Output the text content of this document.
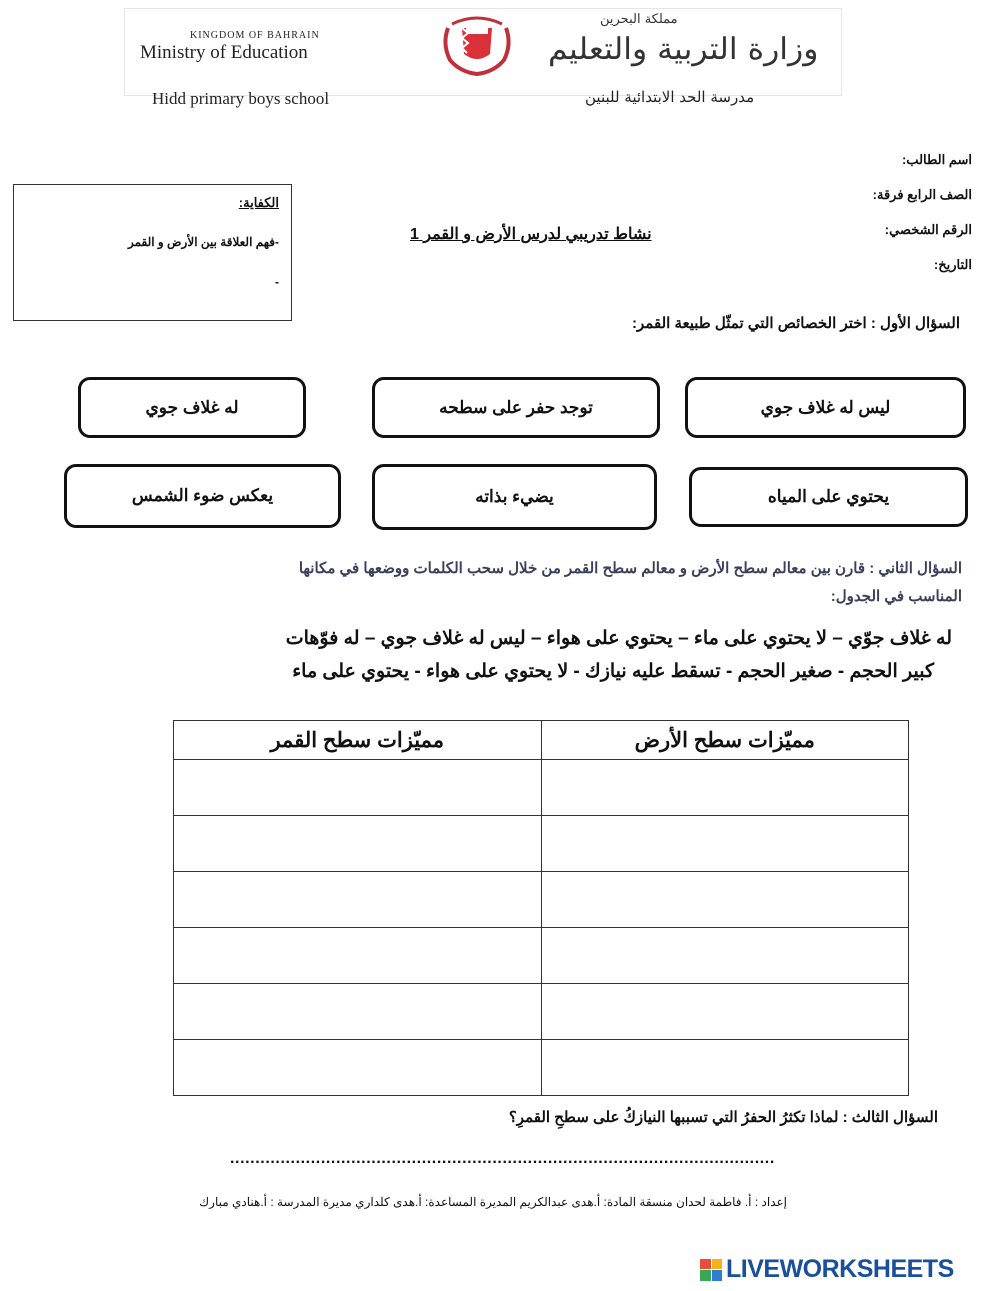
KINGDOM OF BAHRAIN
Ministry of Education
مملكة البحرين
وزارة التربية والتعليم
Hidd primary boys school	مدرسة الحد الابتدائية للبنين
اسم الطالب:
الصف الرابع فرقة:
الرقم الشخصي:
التاريخ:
الكفاية:
-فهم العلاقة بين الأرض و القمر
-
نشاط تدريبي لدرس الأرض و القمر 1
السؤال الأول : اختر الخصائص التي تمثّل طبيعة القمر:
ليس له غلاف جوي
توجد حفر على سطحه
له غلاف جوي
يحتوي على المياه
يضيء بذاته
يعكس ضوء الشمس
السؤال الثاني : قارن بين معالم سطح الأرض و معالم سطح القمر من خلال سحب الكلمات ووضعها في مكانها
المناسب في الجدول:
له غلاف جوّي – لا يحتوي على ماء – يحتوي على هواء – ليس له غلاف جوي – له فوّهات
كبير الحجم - صغير الحجم - تسقط عليه نيازك - لا يحتوي على هواء - يحتوي على ماء
مميّزات سطح الأرض	مميّزات سطح القمر

السؤال الثالث : لماذا تكثرُ الحفرُ التي تسببها النيازكُ على سطحِ القمرِ؟
............................................................................................................
إعداد : أ. فاطمة لحدان منسقة المادة: أ.هدى عبدالكريم المديرة المساعدة: أ.هدى كلداري مديرة المدرسة : أ.هنادي مبارك
LIVEWORKSHEETS
